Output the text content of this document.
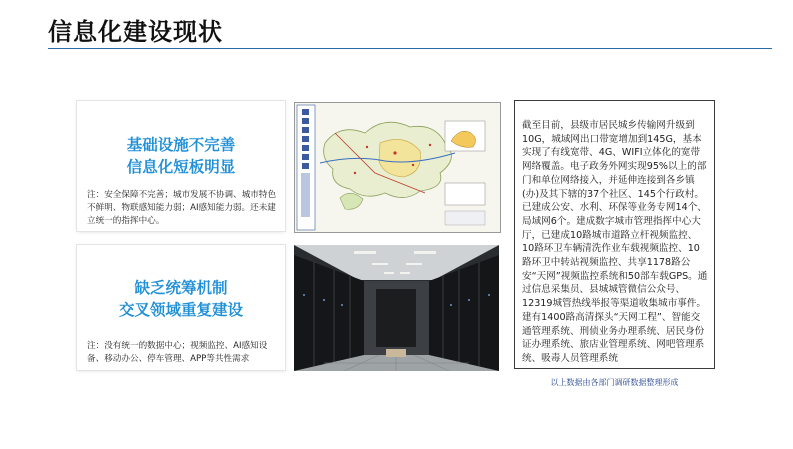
信息化建设现状
基础设施不完善
信息化短板明显
注：安全保障不完善；城市发展不协调、城市特色不鲜明、物联感知能力弱；AI感知能力弱。还未建立统一的指挥中心。
缺乏统筹机制
交叉领域重复建设
注：没有统一的数据中心；视频监控、AI感知设备、移动办公、停车管理、APP等共性需求
截至目前，县级市居民城乡传输网升级到10G，城域网出口带宽增加到145G，基本实现了有线宽带、4G、WIFI立体化的宽带网络覆盖。电子政务外网实现95%以上的部门和单位网络接入，并延伸连接到各乡镇(办)及其下辖的37个社区、145个行政村。已建成公安、水利、环保等业务专网14个、局域网6个。建成数字城市管理指挥中心大厅，已建成10路城市道路立杆视频监控、10路环卫车辆清洗作业车载视频监控、10路环卫中转站视频监控、共享1178路公安“天网”视频监控系统和50部车载GPS。通过信息采集员、县城城管微信公众号、12319城管热线举报等渠道收集城市事件。建有1400路高清探头“天网工程”、智能交通管理系统、刑侦业务办理系统、居民身份证办理系统、旅店业管理系统、网吧管理系统、吸毒人员管理系统
以上数据由各部门调研数据整理形成
